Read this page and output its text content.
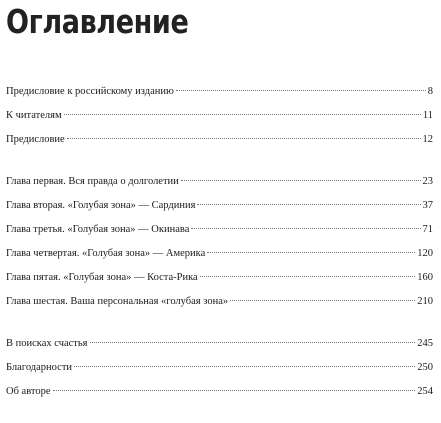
Оглавление
Предисловие к российскому изданию	8
К читателям	11
Предисловие	12
Глава первая. Вся правда о долголетии	23
Глава вторая. «Голубая зона» — Сардиния	37
Глава третья. «Голубая зона» — Окинава	71
Глава четвертая. «Голубая зона» — Америка	120
Глава пятая. «Голубая зона» — Коста-Рика	160
Глава шестая. Ваша персональная «голубая зона»	210
В поисках счастья	245
Благодарности	250
Об авторе	254
